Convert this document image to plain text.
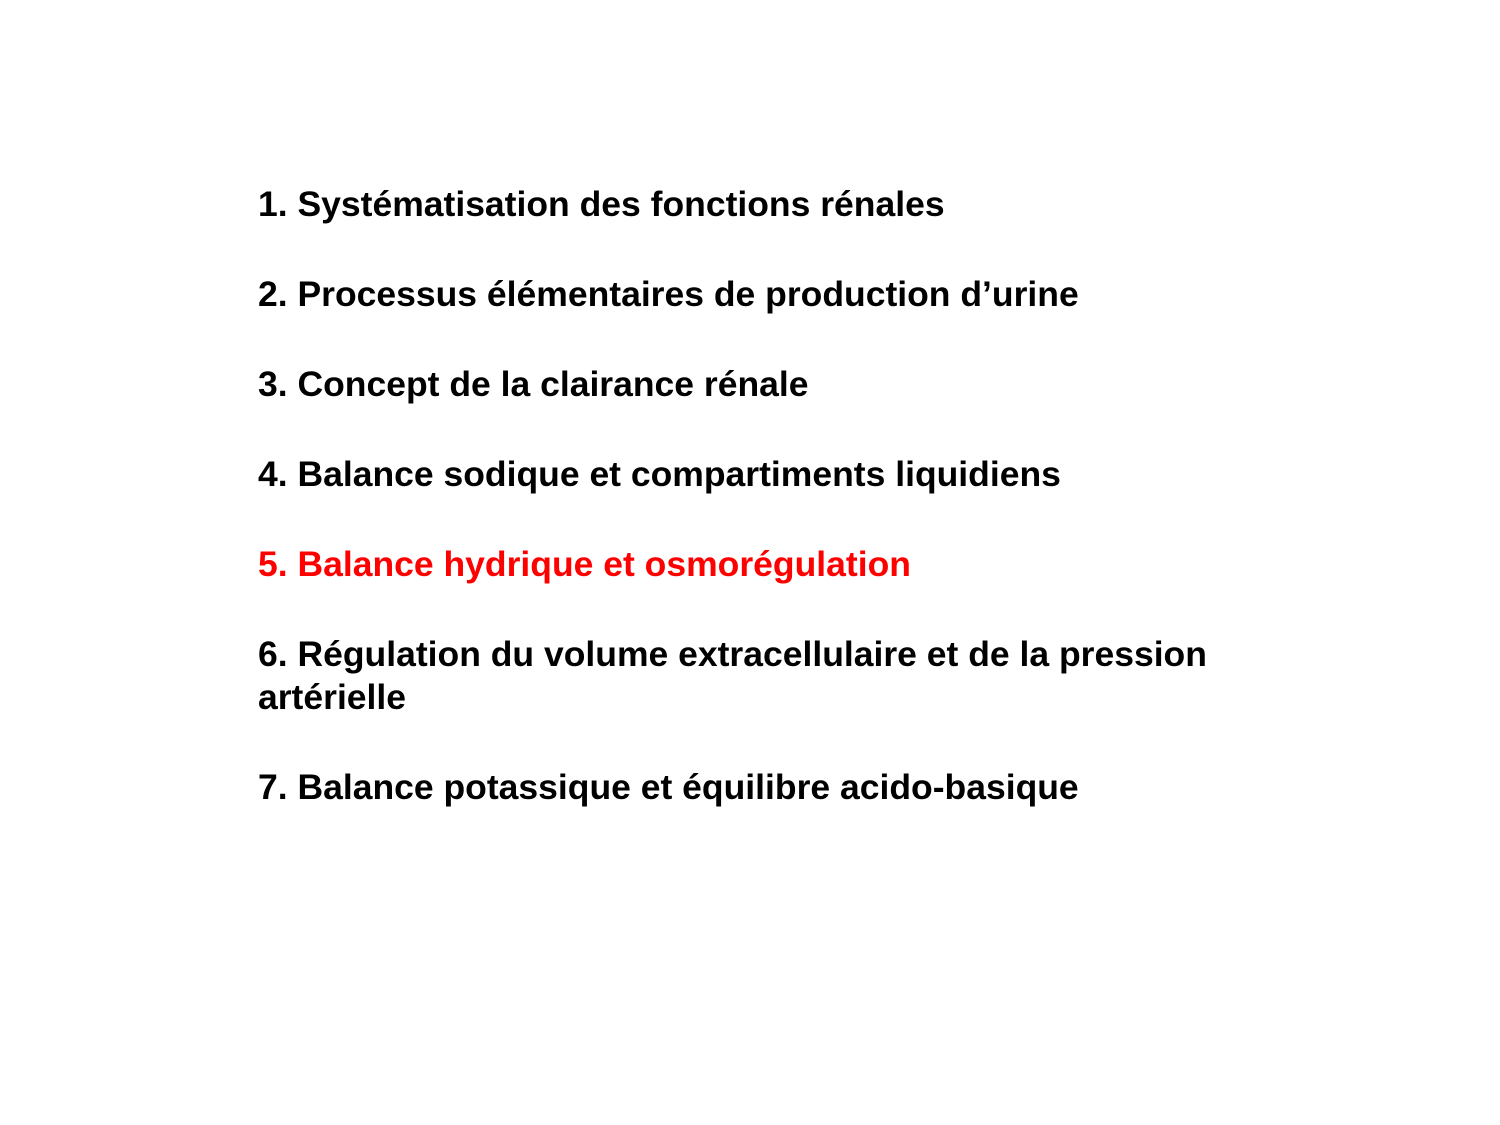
1. Systématisation des fonctions rénales
2. Processus élémentaires de production d’urine
3. Concept de la clairance rénale
4. Balance sodique et compartiments liquidiens
5. Balance hydrique et osmorégulation
6. Régulation du volume extracellulaire et de la pression artérielle
7. Balance potassique et équilibre acido-basique
